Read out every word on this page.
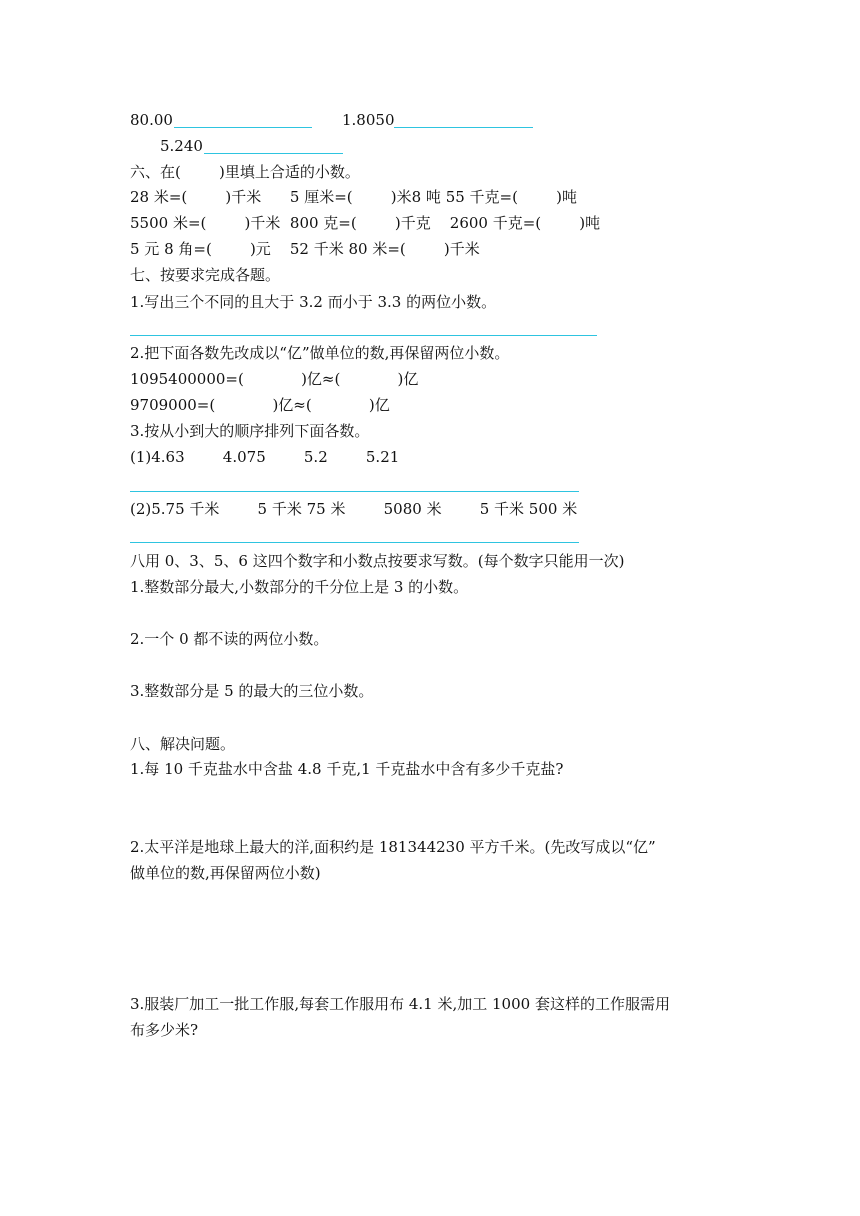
80.00	1.8050
5.240
六、在(        )里填上合适的小数。
28 米=(        )千米      5 厘米=(        )米8 吨 55 千克=(        )吨
5500 米=(        )千米  800 克=(        )千克    2600 千克=(        )吨
5 元 8 角=(        )元    52 千米 80 米=(        )千米
七、按要求完成各题。
1.写出三个不同的且大于 3.2 而小于 3.3 的两位小数。
2.把下面各数先改成以“亿”做单位的数,再保留两位小数。
1095400000=(            )亿≈(            )亿
9709000=(            )亿≈(            )亿
3.按从小到大的顺序排列下面各数。
(1)4.63        4.075        5.2        5.21
(2)5.75 千米        5 千米 75 米        5080 米        5 千米 500 米
八用 0、3、5、6 这四个数字和小数点按要求写数。(每个数字只能用一次)
1.整数部分最大,小数部分的千分位上是 3 的小数。
2.一个 0 都不读的两位小数。
3.整数部分是 5 的最大的三位小数。
八、解决问题。
1.每 10 千克盐水中含盐 4.8 千克,1 千克盐水中含有多少千克盐?
2.太平洋是地球上最大的洋,面积约是 181344230 平方千米。(先改写成以“亿”
做单位的数,再保留两位小数)
3.服装厂加工一批工作服,每套工作服用布 4.1 米,加工 1000 套这样的工作服需用
布多少米?
